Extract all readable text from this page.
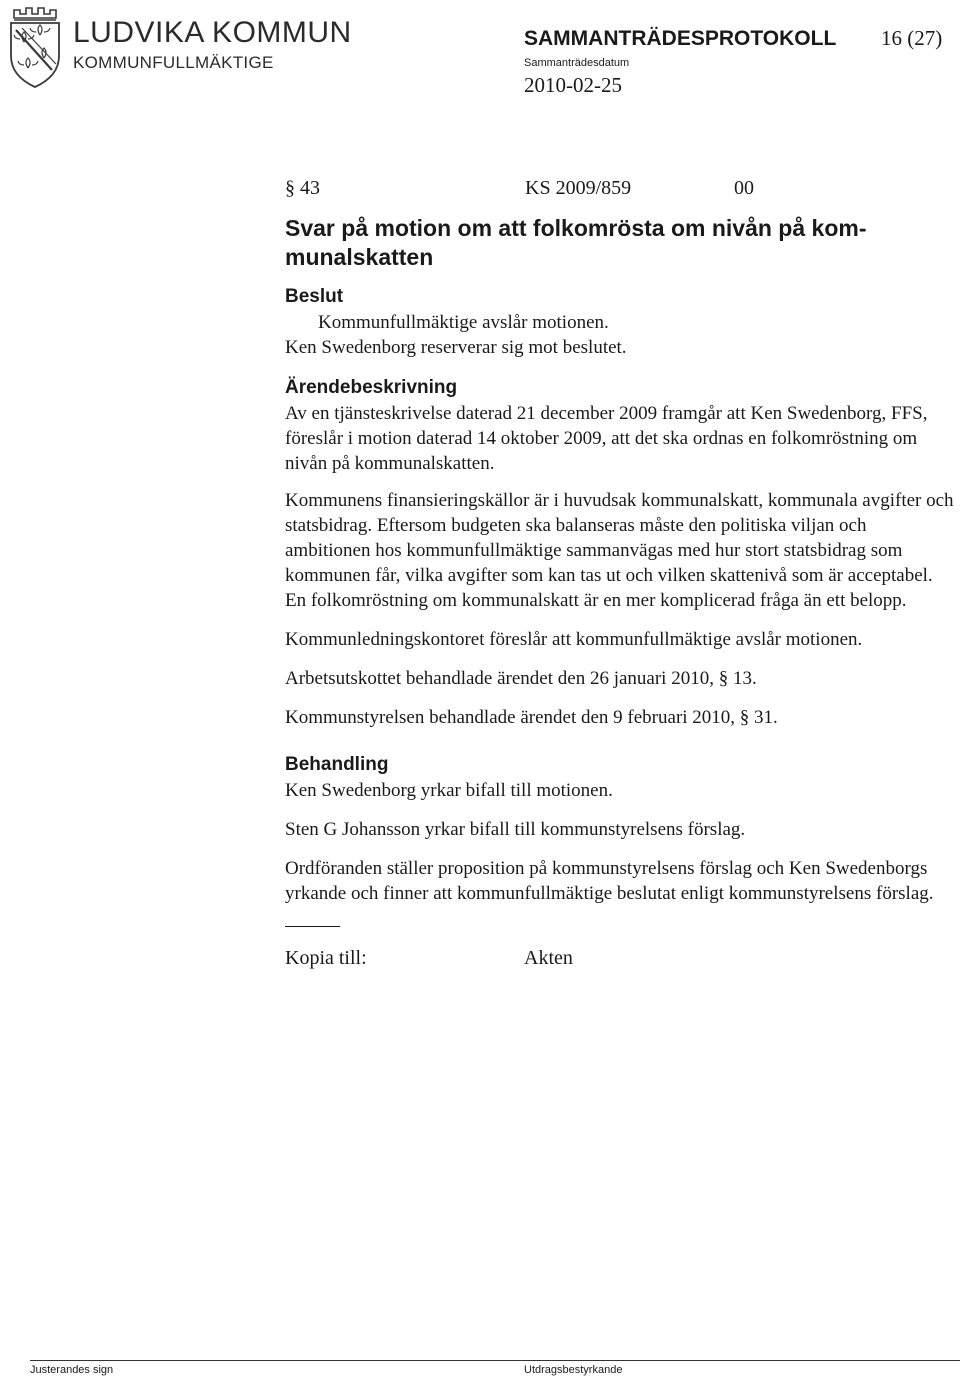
LUDVIKA KOMMUN
KOMMUNFULLMÄKTIGE
SAMMANTRÄDESPROTOKOLL 16 (27)
Sammanträdesdatum
2010-02-25
§ 43	KS 2009/859	00
Svar på motion om att folkomrösta om nivån på kom-munalskatten
Beslut

Kommunfullmäktige avslår motionen.

Ken Swedenborg reserverar sig mot beslutet.

Ärendebeskrivning

Av en tjänsteskrivelse daterad 21 december 2009 framgår att Ken Swedenborg, FFS, föreslår i motion daterad 14 oktober 2009, att det ska ordnas en folkomröstning om nivån på kommunalskatten.

Kommunens finansieringskällor är i huvudsak kommunalskatt, kommunala avgifter och statsbidrag. Eftersom budgeten ska balanseras måste den politiska viljan och ambitionen hos kommunfullmäktige sammanvägas med hur stort statsbidrag som kommunen får, vilka avgifter som kan tas ut och vilken skattenivå som är acceptabel. En folkomröstning om kommunalskatt är en mer komplicerad fråga än ett belopp.

Kommunledningskontoret föreslår att kommunfullmäktige avslår motionen.

Arbetsutskottet behandlade ärendet den 26 januari 2010, § 13.

Kommunstyrelsen behandlade ärendet den 9 februari 2010, § 31.

Behandling

Ken Swedenborg yrkar bifall till motionen.

Sten G Johansson yrkar bifall till kommunstyrelsens förslag.

Ordföranden ställer proposition på kommunstyrelsens förslag och Ken Swedenborgs yrkande och finner att kommunfullmäktige beslutat enligt kommunstyrelsens förslag.

Kopia till:	Akten
Justerandes sign	Utdragsbestyrkande
